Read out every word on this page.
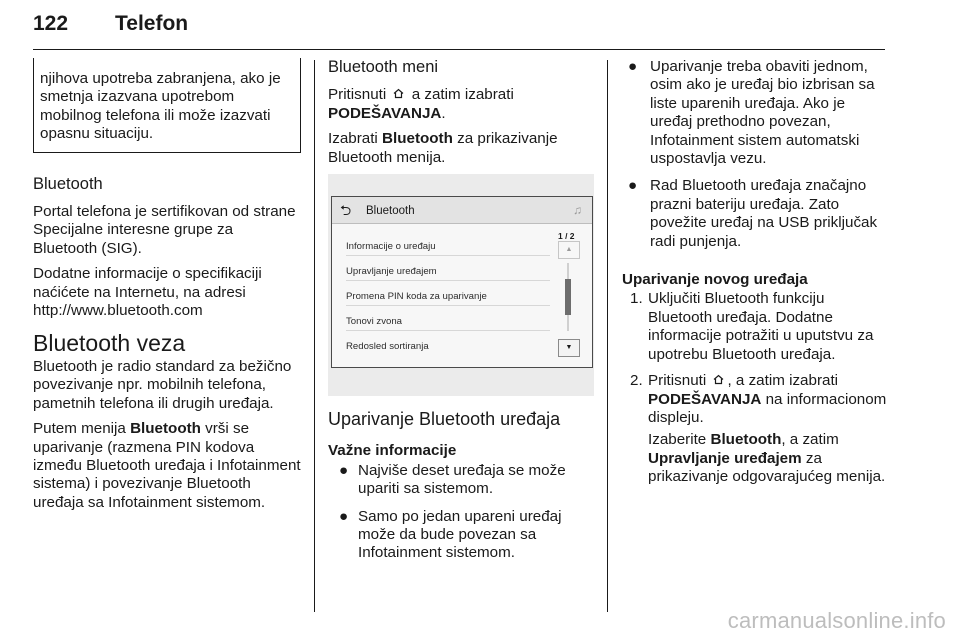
122 Telefon
njihova upotreba zabranjena, ako je smetnja izazvana upotrebom mobilnog telefona ili može izazvati opasnu situaciju.
Bluetooth

Portal telefona je sertifikovan od strane Specijalne interesne grupe za Bluetooth (SIG).

Dodatne informacije o specifikaciji naćićete na Internetu, na adresi http://www.bluetooth.com

Bluetooth veza

Bluetooth je radio standard za bežično povezivanje npr. mobilnih telefona, pametnih telefona ili drugih uređaja.

Putem menija Bluetooth vrši se uparivanje (razmena PIN kodova između Bluetooth uređaja i Infotainment sistema) i povezivanje Bluetooth uređaja sa Infotainment sistemom.

Bluetooth meni

Pritisnuti  a zatim izabrati
PODEŠAVANJA.

Izabrati Bluetooth za prikazivanje Bluetooth menija.

⮌ Bluetooth	♫
Informacije o uređaju
Upravljanje uređajem
Promena PIN koda za uparivanje
Tonovi zvona
Redosled sortiranja
1 / 2
▲
▼
Uparivanje Bluetooth uređaja
Važne informacije
● Najviše deset uređaja se može upariti sa sistemom.
● Samo po jedan upareni uređaj može da bude povezan sa Infotainment sistemom.
● Uparivanje treba obaviti jednom, osim ako je uređaj bio izbrisan sa liste uparenih uređaja. Ako je uređaj prethodno povezan, Infotainment sistem automatski uspostavlja vezu.
● Rad Bluetooth uređaja značajno prazni bateriju uređaja. Zato povežite uređaj na USB priključak radi punjenja.
Uparivanje novog uređaja
1. Uključiti Bluetooth funkciju Bluetooth uređaja. Dodatne informacije potražiti u uputstvu za upotrebu Bluetooth uređaja.
2. Pritisnuti , a zatim izabrati
PODEŠAVANJA na informacionom displeju.

Izaberite Bluetooth, a zatim
Upravljanje uređajem za prikazivanje odgovarajućeg menija.

carmanualsonline.info
